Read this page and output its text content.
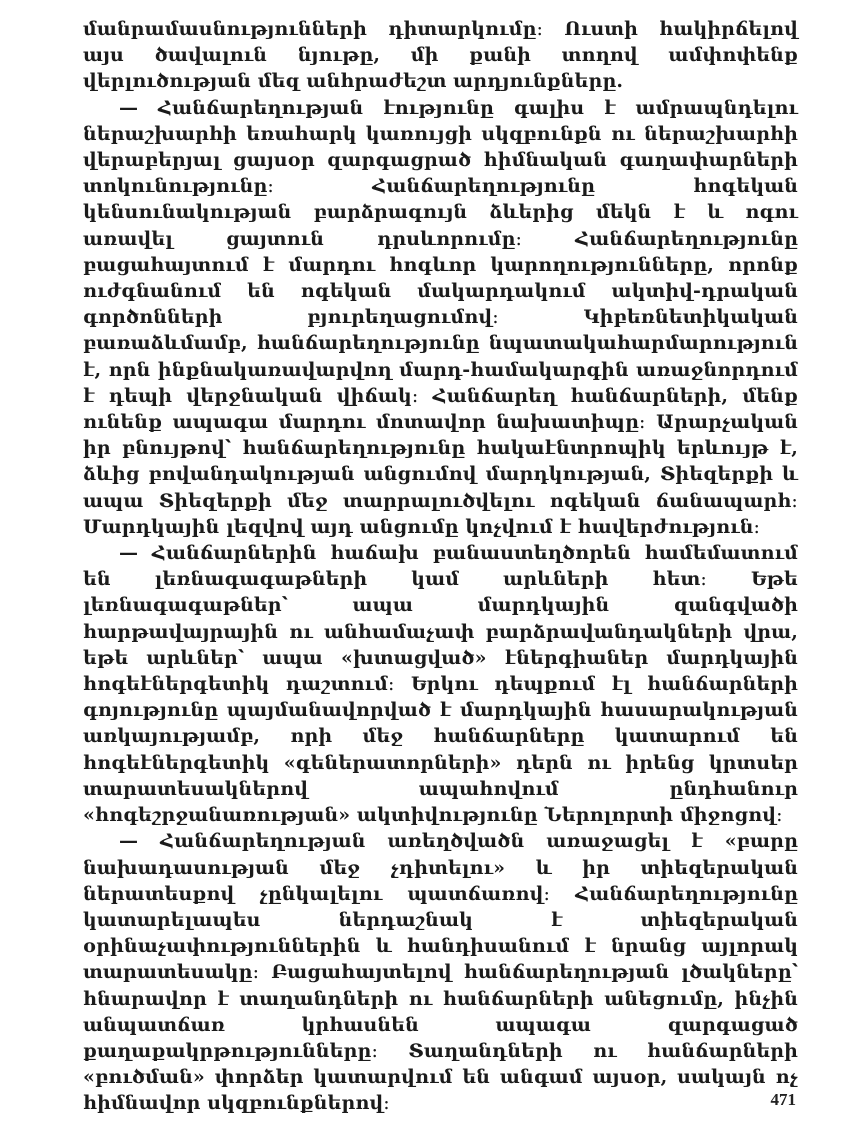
մանրամասնությունների դիտարկումը։ Ուստի հակիրճելով այս ծավալուն նյութը, մի քանի տողով ամփոփենք վերլուծության մեզ անհրաժեշտ արդյունքները.

— Հանճարեղության էությունը գալիս է ամրապնդելու ներաշխարհի եռահարկ կառույցի սկզբունքն ու ներաշխարհի վերաբերյալ ցայսօր զարգացրած հիմնական գաղափարների տոկունությունը։ Հանճարեղությունը հոգեկան կենսունակության բարձրագույն ձևերից մեկն է և ոգու առավել ցայտուն դրսևորումը։ Հանճարեղությունը բացահայտում է մարդու հոգևոր կարողությունները, որոնք ուժգնանում են ոգեկան մակարդակում ակտիվ-դրական գործոնների բյուրեղացումով։ Կիբեռնետիկական բառաձևմամբ, հանճարեղությունը նպատակահարմարություն է, որն ինքնակառավարվող մարդ-համակարգին առաջնորդում է դեպի վերջնական վիճակ։ Հանճարեղ հանճարների, մենք ունենք ապագա մարդու մոտավոր նախատիպը։ Արարչական իր բնույթով՝ հանճարեղությունը հակաէնտրոպիկ երևույթ է, ձևից բովանդակության անցումով մարդկության, Տիեզերքի և ապա Տիեզերքի մեջ տարրալուծվելու ոգեկան ճանապարհ։ Մարդկային լեզվով այդ անցումը կոչվում է հավերժություն։

— Հանճարներին հաճախ բանաստեղծորեն համեմատում են լեռնագագաթների կամ արևների հետ։ Եթե լեռնագագաթներ՝ ապա մարդկային զանգվածի հարթավայրային ու անհամաչափ բարձրավանդակների վրա, եթե արևներ՝ ապա «խտացված» էներգիաներ մարդկային հոգեէներգետիկ դաշտում։ Երկու դեպքում էլ հանճարների գոյությունը պայմանավորված է մարդկային հասարակության առկայությամբ, որի մեջ հանճարները կատարում են հոգեէներգետիկ «գեներատորների» դերն ու իրենց կրտսեր տարատեսակներով ապահովում ընդհանուր «հոգեշրջանառության» ակտիվությունը Ներոլորտի միջոցով։

— Հանճարեղության առեղծվածն առաջացել է «բարը նախադասության մեջ չդիտելու» և իր տիեզերական ներատեսքով չընկալելու պատճառով։ Հանճարեղությունը կատարելապես ներդաշնակ է տիեզերական օրինաչափություններին և հանդիսանում է նրանց այլորակ տարատեսակը։ Բացահայտելով հանճարեղության լծակները՝ հնարավոր է տաղանդների ու հանճարների անեցումը, ինչին անպատճառ կրհասնեն ապագա զարգացած քաղաքակրթությունները։ Տաղանդների ու հանճարների «բուծման» փորձեր կատարվում են անգամ այսօր, սակայն ոչ հիմնավոր սկզբունքներով։	471
